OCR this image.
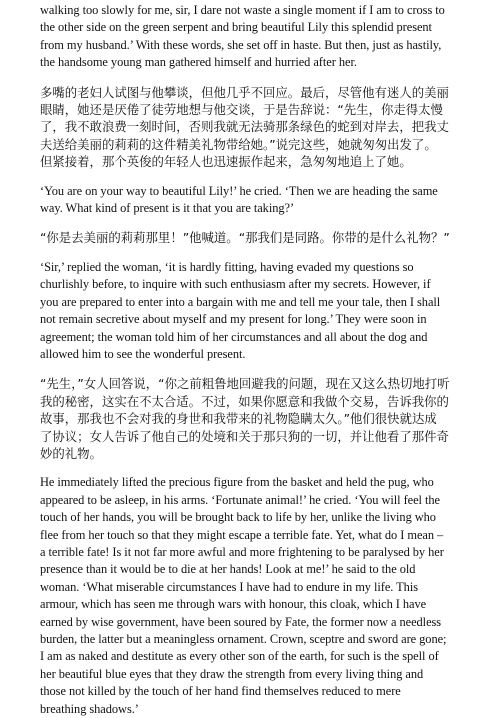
walking too slowly for me, sir, I dare not waste a single moment if I am to cross to
the other side on the green serpent and bring beautiful Lily this splendid present
from my husband.’ With these words, she set off in haste. But then, just as hastily,
the handsome young man gathered himself and hurried after her.

多嘴的老妇人试图与他攀谈，但他几乎不回应。最后，尽管他有迷人的美丽
眼睛，她还是厌倦了徒劳地想与他交谈，于是告辞说：“先生，你走得太慢
了，我不敢浪费一刻时间，否则我就无法骑那条绿色的蛇到对岸去，把我丈
夫送给美丽的莉莉的这件精美礼物带给她。”说完这些，她就匆匆出发了。
但紧接着，那个英俊的年轻人也迅速振作起来，急匆匆地追上了她。

‘You are on your way to beautiful Lily!’ he cried. ‘Then we are heading the same
way. What kind of present is it that you are taking?’

“你是去美丽的莉莉那里！”他喊道。“那我们是同路。你带的是什么礼物？”

‘Sir,’ replied the woman, ‘it is hardly fitting, having evaded my questions so
churlishly before, to inquire with such enthusiasm after my secrets. However, if
you are prepared to enter into a bargain with me and tell me your tale, then I shall
not remain secretive about myself and my present for long.’ They were soon in
agreement; the woman told him of her circumstances and all about the dog and
allowed him to see the wonderful present.

“先生，”女人回答说，“你之前粗鲁地回避我的问题，现在又这么热切地打听
我的秘密，这实在不太合适。不过，如果你愿意和我做个交易，告诉我你的
故事，那我也不会对我的身世和我带来的礼物隐瞒太久。”他们很快就达成
了协议；女人告诉了他自己的处境和关于那只狗的一切，并让他看了那件奇
妙的礼物。

He immediately lifted the precious figure from the basket and held the pug, who
appeared to be asleep, in his arms. ‘Fortunate animal!’ he cried. ‘You will feel the
touch of her hands, you will be brought back to life by her, unlike the living who
flee from her touch so that they might escape a terrible fate. Yet, what do I mean –
a terrible fate! Is it not far more awful and more frightening to be paralysed by her
presence than it would be to die at her hands! Look at me!’ he said to the old
woman. ‘What miserable circumstances I have had to endure in my life. This
armour, which has seen me through wars with honour, this cloak, which I have
earned by wise government, have been soured by Fate, the former now a needless
burden, the latter but a meaningless ornament. Crown, sceptre and sword are gone;
I am as naked and destitute as every other son of the earth, for such is the spell of
her beautiful blue eyes that they draw the strength from every living thing and
those not killed by the touch of her hand find themselves reduced to mere
breathing shadows.’
